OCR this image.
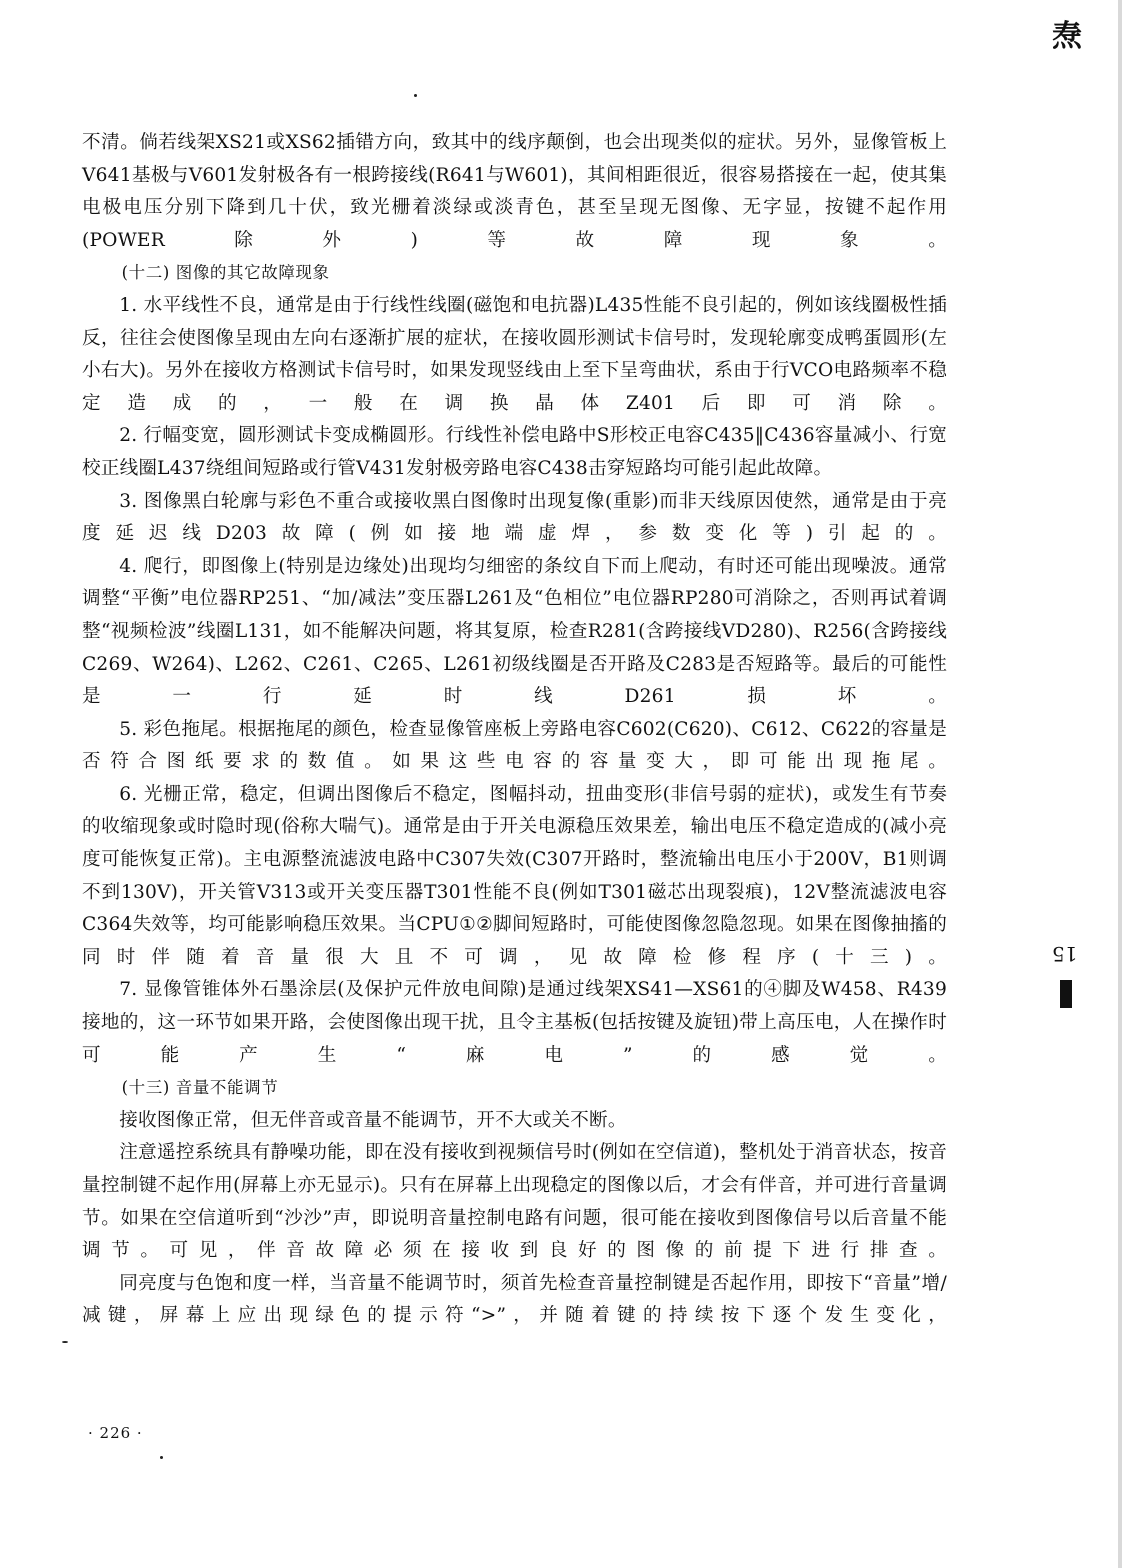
焘
15

不清。倘若线架XS21或XS62插错方向，致其中的线序颠倒，也会出现类似的症状。另外，显像管板上V641基极与V601发射极各有一根跨接线(R641与W601)，其间相距很近，很容易搭接在一起，使其集电极电压分别下降到几十伏，致光栅着淡绿或淡青色，甚至呈现无图像、无字显，按键不起作用(POWER除外)等故障现象。

(十二) 图像的其它故障现象

1. 水平线性不良，通常是由于行线性线圈(磁饱和电抗器)L435性能不良引起的，例如该线圈极性插反，往往会使图像呈现由左向右逐渐扩展的症状，在接收圆形测试卡信号时，发现轮廓变成鸭蛋圆形(左小右大)。另外在接收方格测试卡信号时，如果发现竖线由上至下呈弯曲状，系由于行VCO电路频率不稳定造成的，一般在调换晶体Z401后即可消除。

2. 行幅变宽，圆形测试卡变成椭圆形。行线性补偿电路中S形校正电容C435‖C436容量减小、行宽校正线圈L437绕组间短路或行管V431发射极旁路电容C438击穿短路均可能引起此故障。

3. 图像黑白轮廓与彩色不重合或接收黑白图像时出现复像(重影)而非天线原因使然，通常是由于亮度延迟线D203故障(例如接地端虚焊，参数变化等)引起的。

4. 爬行，即图像上(特别是边缘处)出现均匀细密的条纹自下而上爬动，有时还可能出现噪波。通常调整“平衡”电位器RP251、“加/减法”变压器L261及“色相位”电位器RP280可消除之，否则再试着调整“视频检波”线圈L131，如不能解决问题，将其复原，检查R281(含跨接线VD280)、R256(含跨接线C269、W264)、L262、C261、C265、L261初级线圈是否开路及C283是否短路等。最后的可能性是一行延时线D261损坏。

5. 彩色拖尾。根据拖尾的颜色，检查显像管座板上旁路电容C602(C620)、C612、C622的容量是否符合图纸要求的数值。如果这些电容的容量变大，即可能出现拖尾。

6. 光栅正常，稳定，但调出图像后不稳定，图幅抖动，扭曲变形(非信号弱的症状)，或发生有节奏的收缩现象或时隐时现(俗称大喘气)。通常是由于开关电源稳压效果差，输出电压不稳定造成的(减小亮度可能恢复正常)。主电源整流滤波电路中C307失效(C307开路时，整流输出电压小于200V，B1则调不到130V)，开关管V313或开关变压器T301性能不良(例如T301磁芯出现裂痕)，12V整流滤波电容C364失效等，均可能影响稳压效果。当CPU①②脚间短路时，可能使图像忽隐忽现。如果在图像抽搐的同时伴随着音量很大且不可调，见故障检修程序(十三)。

7. 显像管锥体外石墨涂层(及保护元件放电间隙)是通过线架XS41—XS61的④脚及W458、R439接地的，这一环节如果开路，会使图像出现干扰，且令主基板(包括按键及旋钮)带上高压电，人在操作时可能产生“麻电”的感觉。

(十三) 音量不能调节

接收图像正常，但无伴音或音量不能调节，开不大或关不断。

注意遥控系统具有静噪功能，即在没有接收到视频信号时(例如在空信道)，整机处于消音状态，按音量控制键不起作用(屏幕上亦无显示)。只有在屏幕上出现稳定的图像以后，才会有伴音，并可进行音量调节。如果在空信道听到“沙沙”声，即说明音量控制电路有问题，很可能在接收到图像信号以后音量不能调节。可见，伴音故障必须在接收到良好的图像的前提下进行排查。

同亮度与色饱和度一样，当音量不能调节时，须首先检查音量控制键是否起作用，即按下“音量”增/减键，屏幕上应出现绿色的提示符“>”，并随着键的持续按下逐个发生变化，

· 226 ·
